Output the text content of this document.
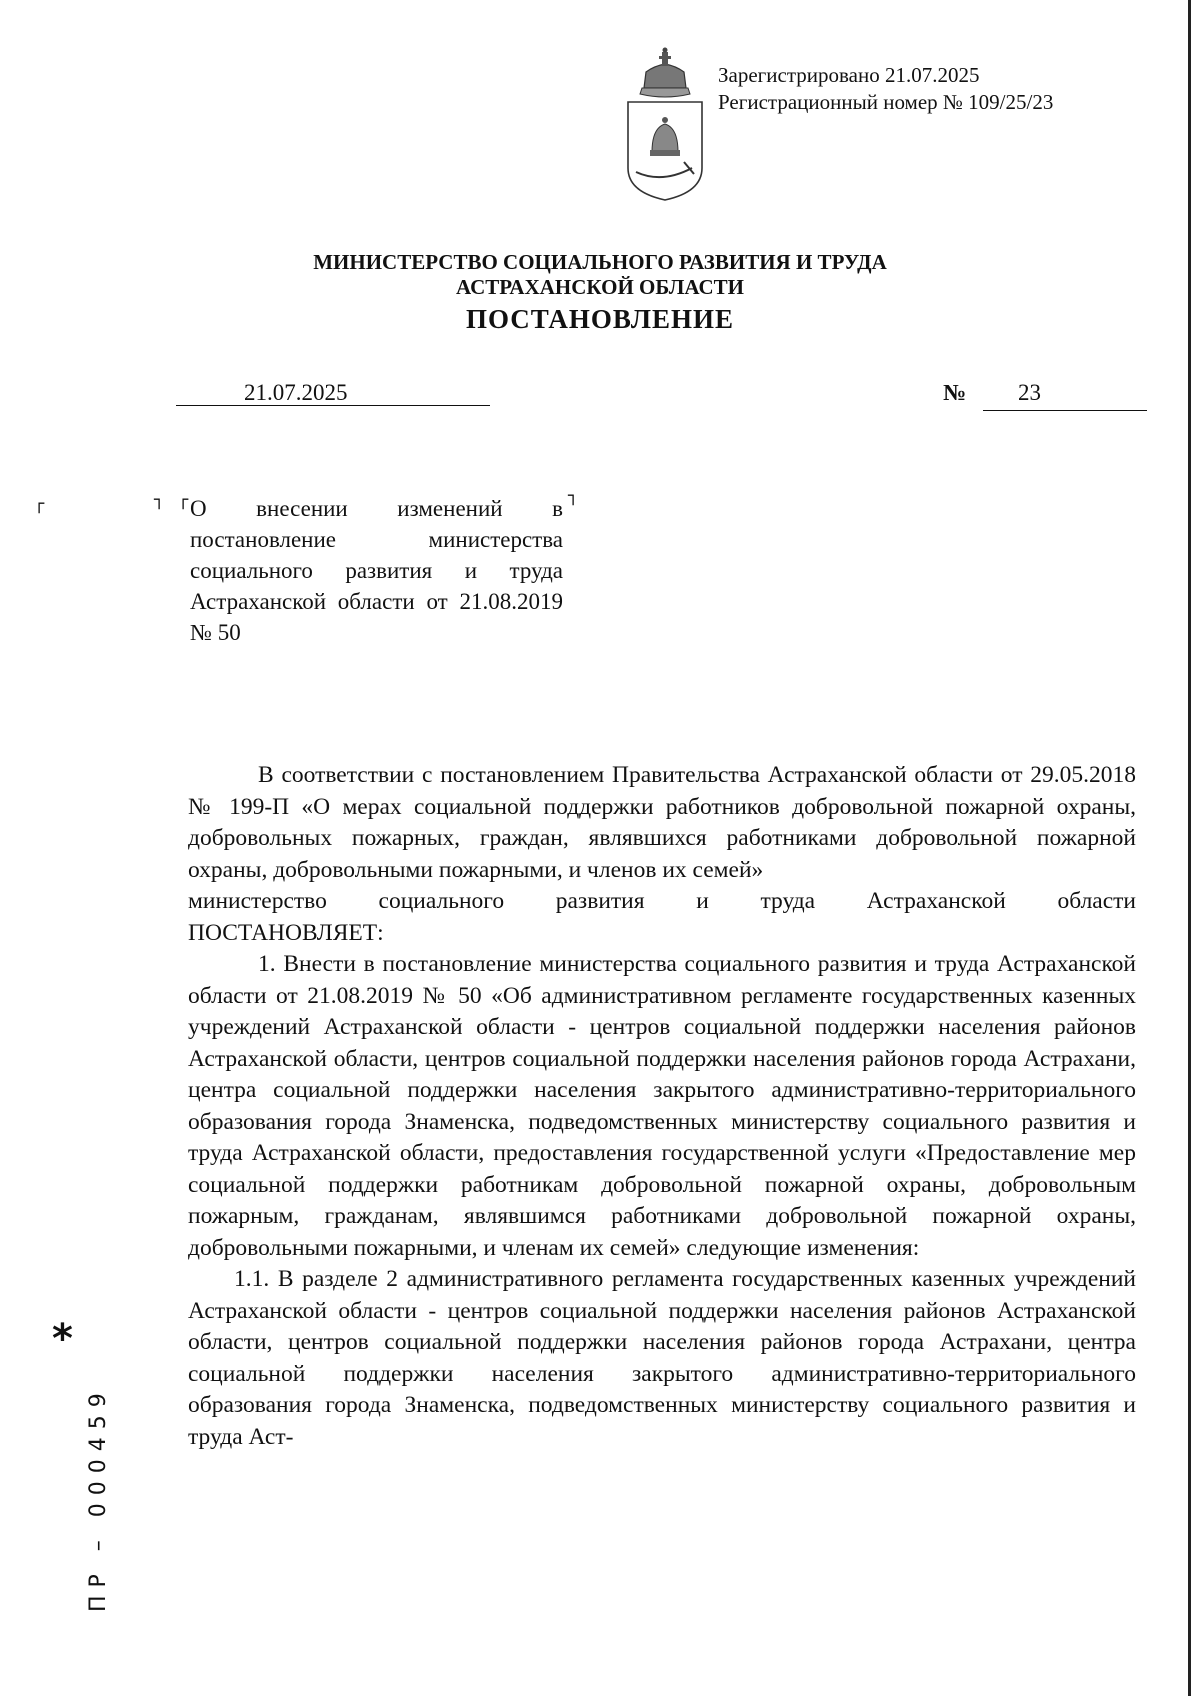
Зарегистрировано 21.07.2025
Регистрационный номер № 109/25/23
МИНИСТЕРСТВО СОЦИАЛЬНОГО РАЗВИТИЯ И ТРУДА
АСТРАХАНСКОЙ ОБЛАСТИ
ПОСТАНОВЛЕНИЕ
21.07.2025	№ 23
┌	┐ ┌	┐
О внесении изменений в постановление министерства социального развития и труда Астраханской области от 21.08.2019 № 50

В соответствии с постановлением Правительства Астраханской области от 29.05.2018 № 199-П «О мерах социальной поддержки работников добровольной пожарной охраны, добровольных пожарных, граждан, являвшихся работниками добровольной пожарной охраны, добровольными пожарными, и членов их семей»

министерство социального развития и труда Астраханской области

ПОСТАНОВЛЯЕТ:

1. Внести в постановление министерства социального развития и труда Астраханской области от 21.08.2019 № 50 «Об административном регламенте государственных казенных учреждений Астраханской области - центров социальной поддержки населения районов Астраханской области, центров социальной поддержки населения районов города Астрахани, центра социальной поддержки населения закрытого административно-территориального образования города Знаменска, подведомственных министерству социального развития и труда Астраханской области, предоставления государственной услуги «Предоставление мер социальной поддержки работникам добровольной пожарной охраны, добровольным пожарным, гражданам, являвшимся работниками добровольной пожарной охраны, добровольными пожарными, и членам их семей» следующие изменения:

1.1. В разделе 2 административного регламента государственных казенных учреждений Астраханской области - центров социальной поддержки населения районов Астраханской области, центров социальной поддержки населения районов города Астрахани, центра социальной поддержки населения закрытого административно-территориального образования города Знаменска, подведомственных министерству социального развития и труда Аст-

*
ПР – 000459
